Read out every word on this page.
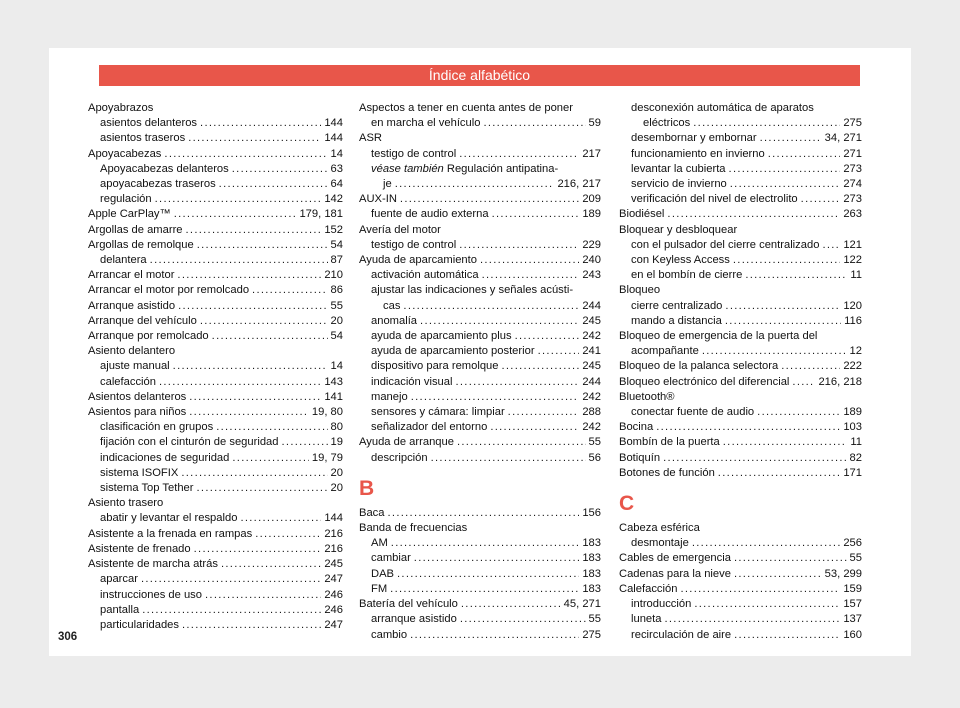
Índice alfabético
Apoyabrazos
asientos delanteros .....	144
asientos traseros .....	144
Apoyacabezas .....	14
Apoyacabezas delanteros .....	63
apoyacabezas traseros .....	64
regulación .....	142
Apple CarPlay™ .....	179, 181
Argollas de amarre .....	152
Argollas de remolque .....	54
delantera .....	87
Arrancar el motor .....	210
Arrancar el motor por remolcado .....	86
Arranque asistido .....	55
Arranque del vehículo .....	20
Arranque por remolcado .....	54
Asiento delantero
ajuste manual .....	14
calefacción .....	143
Asientos delanteros .....	141
Asientos para niños .....	19, 80
clasificación en grupos .....	80
fijación con el cinturón de seguridad .....	19
indicaciones de seguridad .....	19, 79
sistema ISOFIX .....	20
sistema Top Tether .....	20
Asiento trasero
abatir y levantar el respaldo .....	144
Asistente a la frenada en rampas .....	216
Asistente de frenado .....	216
Asistente de marcha atrás .....	245
aparcar .....	247
instrucciones de uso .....	246
pantalla .....	246
particularidades .....	247
Aspectos a tener en cuenta antes de poner
en marcha el vehículo .....	59
ASR
testigo de control .....	217
véase también Regulación antipatina-
je .....	216, 217
AUX-IN .....	209
fuente de audio externa .....	189
Avería del motor
testigo de control .....	229
Ayuda de aparcamiento .....	240
activación automática .....	243
ajustar las indicaciones y señales acústi-
cas .....	244
anomalía .....	245
ayuda de aparcamiento plus .....	242
ayuda de aparcamiento posterior .....	241
dispositivo para remolque .....	245
indicación visual .....	244
manejo .....	242
sensores y cámara: limpiar .....	288
señalizador del entorno .....	242
Ayuda de arranque .....	55
descripción .....	56
B
Baca .....	156
Banda de frecuencias
AM .....	183
cambiar .....	183
DAB .....	183
FM .....	183
Batería del vehículo .....	45, 271
arranque asistido .....	55
cambio .....	275
desconexión automática de aparatos
eléctricos .....	275
desembornar y embornar .....	34, 271
funcionamiento en invierno .....	271
levantar la cubierta .....	273
servicio de invierno .....	274
verificación del nivel de electrolito .....	273
Biodiésel .....	263
Bloquear y desbloquear
con el pulsador del cierre centralizado ..... 121
con Keyless Access .....	122
en el bombín de cierre .....	11
Bloqueo
cierre centralizado .....	120
mando a distancia .....	116
Bloqueo de emergencia de la puerta del
acompañante .....	12
Bloqueo de la palanca selectora .....	222
Bloqueo electrónico del diferencial .....	216, 218
Bluetooth®
conectar fuente de audio .....	189
Bocina .....	103
Bombín de la puerta .....	11
Botiquín .....	82
Botones de función .....	171
C
Cabeza esférica
desmontaje .....	256
Cables de emergencia .....	55
Cadenas para la nieve .....	53, 299
Calefacción .....	159
introducción .....	157
luneta .....	137
recirculación de aire .....	160
306
